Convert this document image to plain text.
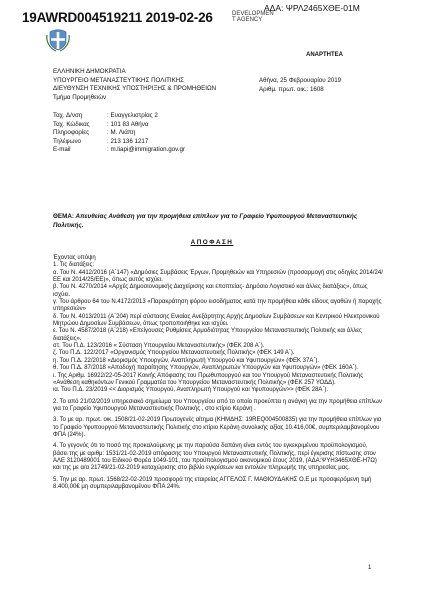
ΑΔΑ: ΨΡΛ2465ΧΘΕ-01Μ
19AWRD004519211 2019-02-26	DEVELOPMEN
T AGENCY
ΑΝΑΡΤΗΤΕΑ
ΕΛΛΗΝΙΚΗ ΔΗΜΟΚΡΑΤΙΑ
ΥΠΟΥΡΓΕΙΟ ΜΕΤΑΝΑΣΤΕΥΤΙΚΗΣ ΠΟΛΙΤΙΚΗΣ
ΔΙΕΥΘΥΝΣΗ ΤΕΧΝΙΚΗΣ ΥΠΟΣΤΗΡΙΞΗΣ & ΠΡΟΜΗΘΕΙΩΝ
Τμήμα Προμηθειών
Αθήνα, 25 Φεβρουαρίου 2019
Αριθμ. πρωτ. οικ.: 1608
Ταχ. Δ/νση	: Ευαγγελιστρίας 2
Ταχ. Κώδικας	: 101 83 Αθήνα
Πληροφορίες	: Μ. Λιάπη
Τηλέφωνο	: 213 136 1217
E-mail	: m.liapi@immigration.gov.gr
ΘΕΜΑ: Απευθείας Ανάθεση για την προμήθεια επίπλων για το Γραφείο Υφυπουργού Μεταναστευτικής Πολιτικής.
ΑΠΟΦΑΣΗ

Έχοντας υπόψη

1. Τις διατάξεις:

α. Του Ν. 4412/2016 (Α΄147) «Δημόσιες Συμβάσεις Έργων, Προμηθειών και Υπηρεσιών (προσαρμογή στις οδηγίες 2014/24/ΕΕ και 2014/25/ΕΕ)», όπως αυτός ισχύει.

β. Του Ν. 4270/2014 «Αρχές Δημοσιονομικής Διαχείρισης και εποπτείας- Δημόσιο Λογιστικό και άλλες διατάξεις», όπως ισχύει.

γ. Του άρθρου 64 του Ν.4172/2013 «Παρακράτηση φόρου εισοδήματος κατά την προμήθεια κάθε είδους αγαθών ή παροχής υπηρεσιών»

δ. Του Ν. 4013/2011 (Α΄204) περί σύστασης Ενιαίας Ανεξάρτητης Αρχής Δημοσίων Συμβάσεων και Κεντρικού Ηλεκτρονικού Μητρώου Δημοσίων Συμβάσεων, όπως τροποποιήθηκε και ισχύει.

ε. Του Ν. 4587/2018 (Α΄218) «Επείγουσες Ρυθμίσεις Αρμοδιότητας Υπουργείου Μεταναστευτικής Πολιτικής και άλλες διατάξεις».

στ. Του Π.Δ. 123/2016 « Σύσταση Υπουργείου Μεταναστευτικής» (ΦΕΚ 208 Α΄).

ζ. Του Π.Δ. 122/2017 «Οργανισμός Υπουργείου Μεταναστευτικής Πολιτικής» (ΦΕΚ 149 Α΄).

η. Του Π.Δ. 22/2018 «Διορισμός Υπουργών, Αναπληρωτή Υπουργού και Υφυπουργών» (ΦΕΚ 37Α΄).

θ. Του Π.Δ. 87/2018 «Αποδοχή παραίτησης Υπουργών, Αναπληρωτών Υπουργών και Υφυπουργών» (ΦΕΚ 160Α΄).

ι. Της Αριθμ. 16922/22-05-2017 Κοινής Απόφασης του Πρωθυπουργού και του Υπουργού Μεταναστευτικής Πολιτικής «Ανάθεση καθηκόντων Γενικού Γραμματέα του Υπουργείου Μεταναστευτικής Πολιτικής» (ΦΕΚ 257 ΥΟΔΔ).

ια. Του Π.Δ. 23/2019 << Διορισμός Υπουργού, Αναπληρωτή Υπουργού και Υφυπουργών>> (ΦΕΚ 28Α΄).

2. Το από 21/02/2019 υπηρεσιακό σημείωμα του Υπουργείου από το οποίο προκύπτει η ανάγκη για την προμήθεια επίπλων για το Γραφείο Υφυπουργού Μεταναστευτικής Πολιτικής , στο κτίριο Κεράνη .

3. Το με αρ. πρωτ. οικ. 1508/21-02-2019 Πρωτογενές αίτημα (ΚΗΜΔΗΣ: 19REQ004500835) για την προμήθεια επίπλων για το Γραφείο Υφυπουργού Μεταναστευτικής Πολιτικής στο κτίριο Κεράνη συνολικής αξίας 10.416,00€, συμπεριλαμβανομένου ΦΠΑ (24%).

4. Το γεγονός ότι το ποσό της προκαλούμενης με την παρούσα δαπάνη είναι εντός του εγκεκριμένου προϋπολογισμού, βάσει της με αριθμ: 1531/21-02-2019 απόφασης του Υπουργού Μεταναστευτικής Πολιτικής, περί έγκρισης πίστωσης στον ΑΛΕ 3120489001 του Ειδικού Φορέα 1049-101, του προϋπολογισμού οικονομικού έτους 2019, (ΑΔΑ:ΨΥΗ3465ΧΘΕ-Η7Ω) και της με α/α 21749/21-02-2019 καταχώρισης στο βιβλίο εγκρίσεων και εντολών πληρωμής της υπηρεσίας μας.

5. Την με αρ. πρωτ. 1568/22-02-2019 προσφορά της εταιρείας ΑΓΓΕΛΟΣ Γ. ΜΑΘΙΟΥΔΑΚΗΣ Ο.Ε με προσφερόμενη τιμή 8.400,00€ μη συμπεριλαμβανομένου ΦΠΑ 24%.

1
